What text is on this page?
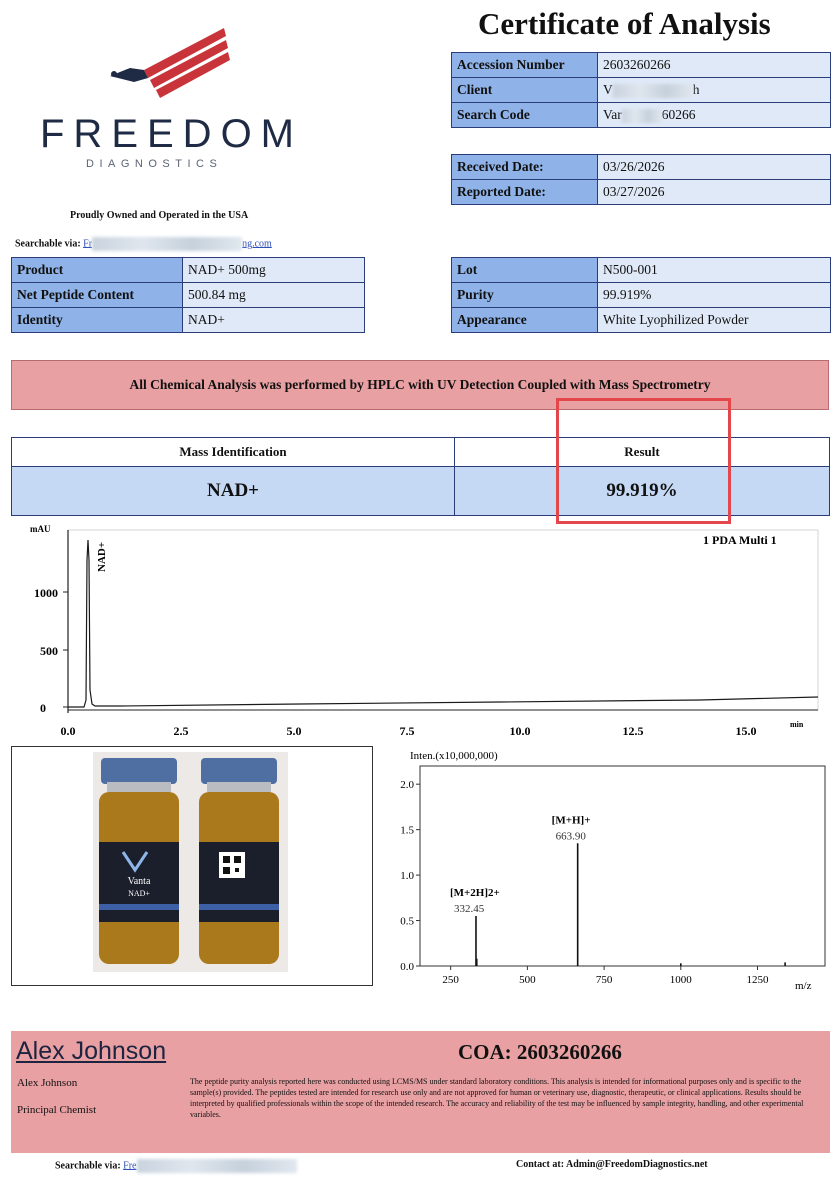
FREEDOM
DIAGNOSTICS
Proudly Owned and Operated in the USA
Searchable via: Fr	ng.com
Certificate of Analysis
Accession Number	2603260266
Client	V h
Search Code	Var 60266
Received Date:	03/26/2026
Reported Date:	03/27/2026
Product	NAD+ 500mg
Net Peptide Content	500.84 mg
Identity	NAD+
Lot	N500-001
Purity	99.919%
Appearance	White Lyophilized Powder
All Chemical Analysis was performed by HPLC with UV Detection Coupled with Mass Spectrometry
Mass Identification	Result
NAD+	99.919%
mAU
1 PDA Multi 1
0
500
1000
0.0	2.5	5.0	7.5	10.0	12.5	15.0	min
NAD+
Vanta
NAD+
Inten.(x10,000,000)
m/z
0.0
0.5
1.0
1.5
2.0
250	500	750	1000	1250
332.45
[M+2H]2+
663.90
[M+H]+
Alex Johnson
Alex Johnson
Principal Chemist
COA: 2603260266
The peptide purity analysis reported here was conducted using LCMS/MS under standard laboratory conditions. This analysis is intended for informational purposes only and is specific to the sample(s) provided. The peptides tested are intended for research use only and are not approved for human or veterinary use, diagnostic, therapeutic, or clinical applications. Results should be interpreted by qualified professionals within the scope of the intended research. The accuracy and reliability of the test may be influenced by sample integrity, handling, and other experimental variables.
Searchable via: Fre	Contact at: Admin@FreedomDiagnostics.net
